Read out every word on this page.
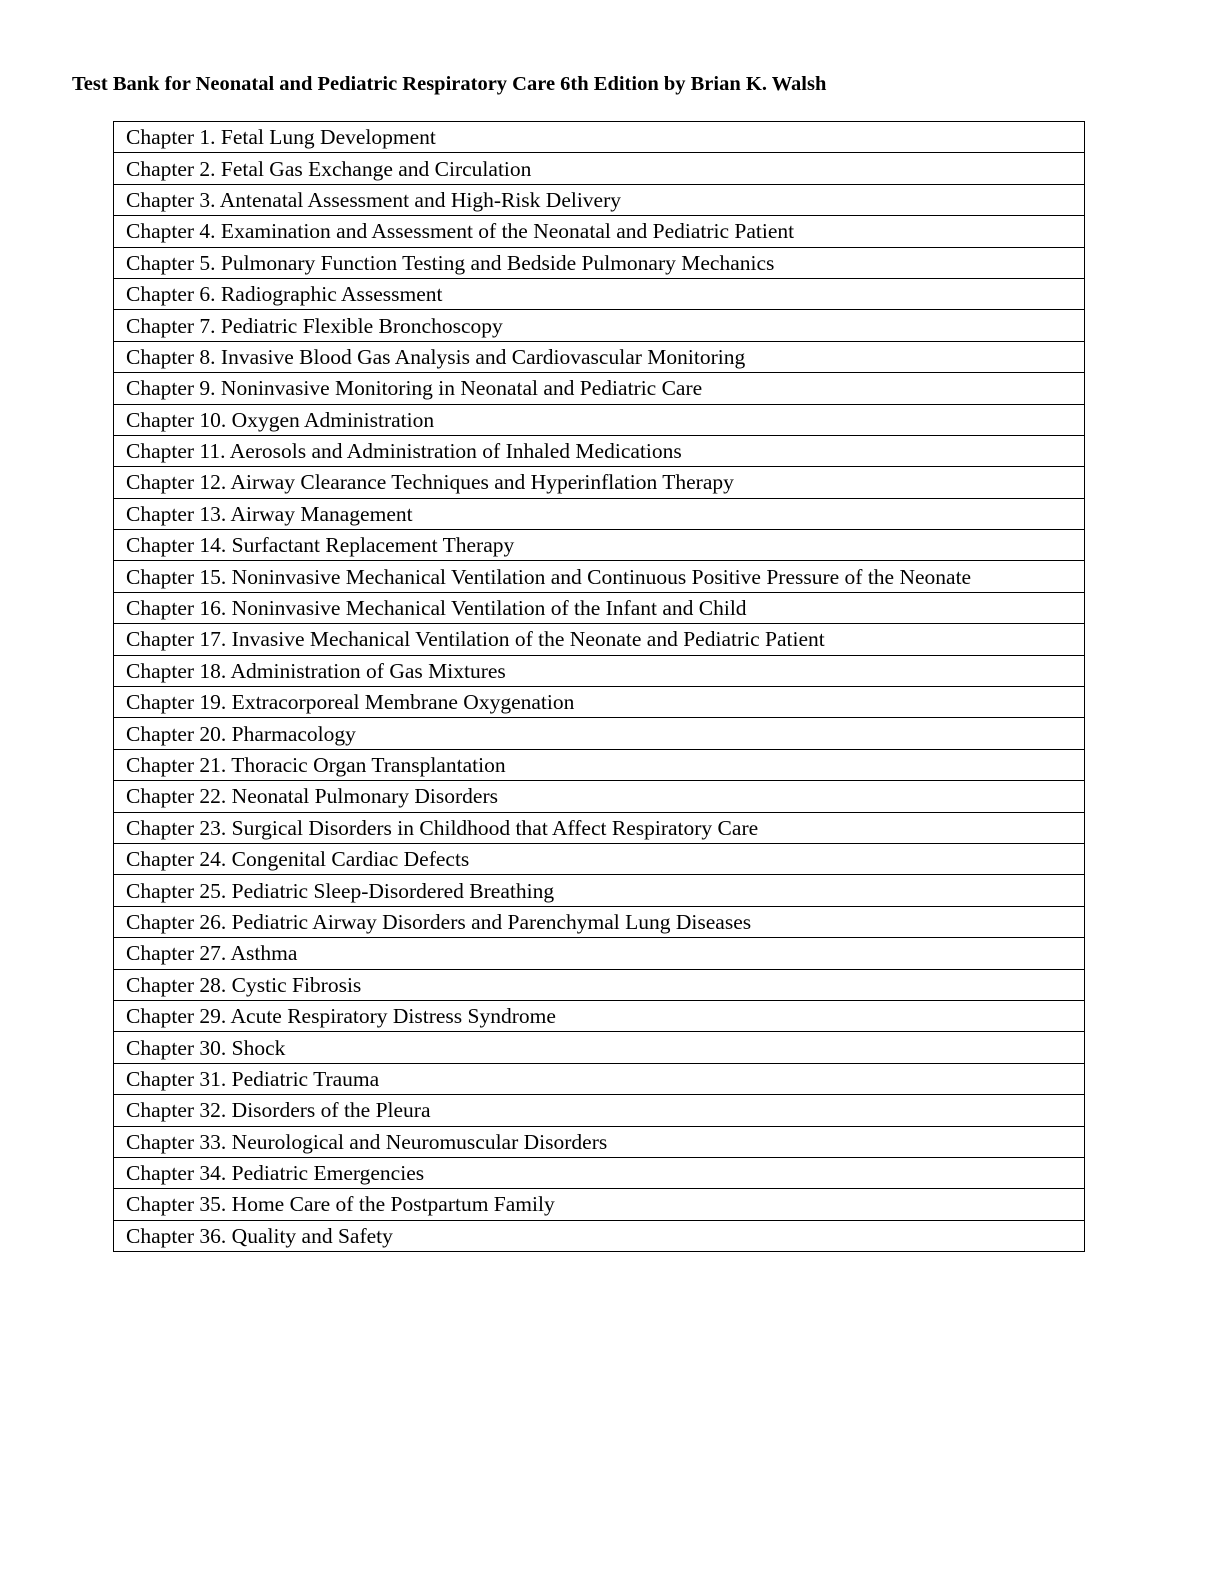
Test Bank for Neonatal and Pediatric Respiratory Care 6th Edition by Brian K. Walsh
Chapter 1. Fetal Lung Development
Chapter 2. Fetal Gas Exchange and Circulation
Chapter 3. Antenatal Assessment and High-Risk Delivery
Chapter 4. Examination and Assessment of the Neonatal and Pediatric Patient
Chapter 5. Pulmonary Function Testing and Bedside Pulmonary Mechanics
Chapter 6. Radiographic Assessment
Chapter 7. Pediatric Flexible Bronchoscopy
Chapter 8. Invasive Blood Gas Analysis and Cardiovascular Monitoring
Chapter 9. Noninvasive Monitoring in Neonatal and Pediatric Care
Chapter 10. Oxygen Administration
Chapter 11. Aerosols and Administration of Inhaled Medications
Chapter 12. Airway Clearance Techniques and Hyperinflation Therapy
Chapter 13. Airway Management
Chapter 14. Surfactant Replacement Therapy
Chapter 15. Noninvasive Mechanical Ventilation and Continuous Positive Pressure of the Neonate
Chapter 16. Noninvasive Mechanical Ventilation of the Infant and Child
Chapter 17. Invasive Mechanical Ventilation of the Neonate and Pediatric Patient
Chapter 18. Administration of Gas Mixtures
Chapter 19. Extracorporeal Membrane Oxygenation
Chapter 20. Pharmacology
Chapter 21. Thoracic Organ Transplantation
Chapter 22. Neonatal Pulmonary Disorders
Chapter 23. Surgical Disorders in Childhood that Affect Respiratory Care
Chapter 24. Congenital Cardiac Defects
Chapter 25. Pediatric Sleep-Disordered Breathing
Chapter 26. Pediatric Airway Disorders and Parenchymal Lung Diseases
Chapter 27. Asthma
Chapter 28. Cystic Fibrosis
Chapter 29. Acute Respiratory Distress Syndrome
Chapter 30. Shock
Chapter 31. Pediatric Trauma
Chapter 32. Disorders of the Pleura
Chapter 33. Neurological and Neuromuscular Disorders
Chapter 34. Pediatric Emergencies
Chapter 35. Home Care of the Postpartum Family
Chapter 36. Quality and Safety
